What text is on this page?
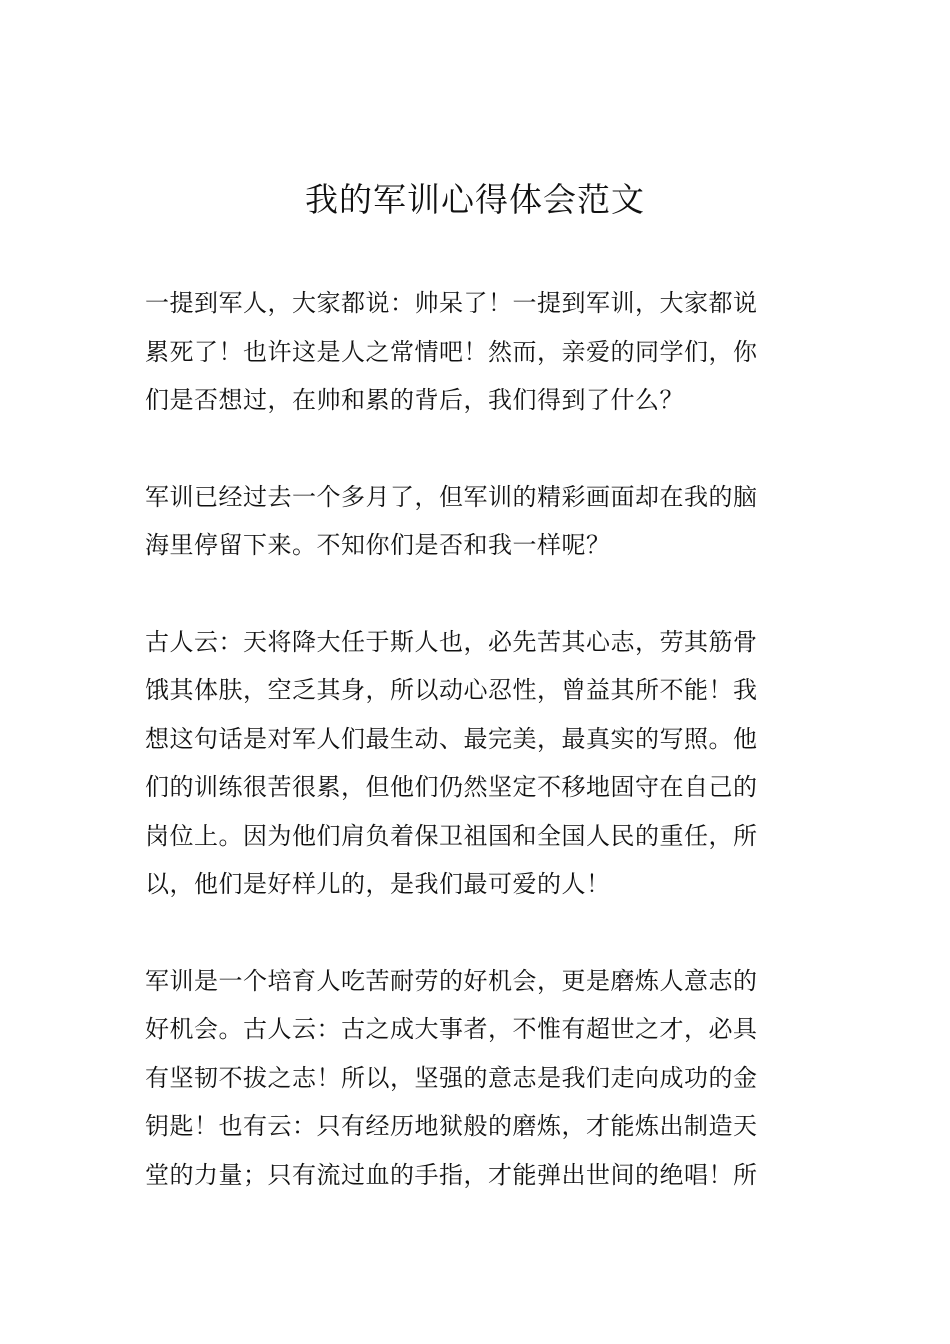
我的军训心得体会范文
一提到军人，大家都说：帅呆了！一提到军训，大家都说
累死了！也许这是人之常情吧！然而，亲爱的同学们，你
们是否想过，在帅和累的背后，我们得到了什么？
军训已经过去一个多月了，但军训的精彩画面却在我的脑
海里停留下来。不知你们是否和我一样呢？
古人云：天将降大任于斯人也，必先苦其心志，劳其筋骨
饿其体肤，空乏其身，所以动心忍性，曾益其所不能！我
想这句话是对军人们最生动、最完美，最真实的写照。他
们的训练很苦很累，但他们仍然坚定不移地固守在自己的
岗位上。因为他们肩负着保卫祖国和全国人民的重任，所
以，他们是好样儿的，是我们最可爱的人！
军训是一个培育人吃苦耐劳的好机会，更是磨炼人意志的
好机会。古人云：古之成大事者，不惟有超世之才，必具
有坚韧不拔之志！所以，坚强的意志是我们走向成功的金
钥匙！也有云：只有经历地狱般的磨炼，才能炼出制造天
堂的力量；只有流过血的手指，才能弹出世间的绝唱！所
